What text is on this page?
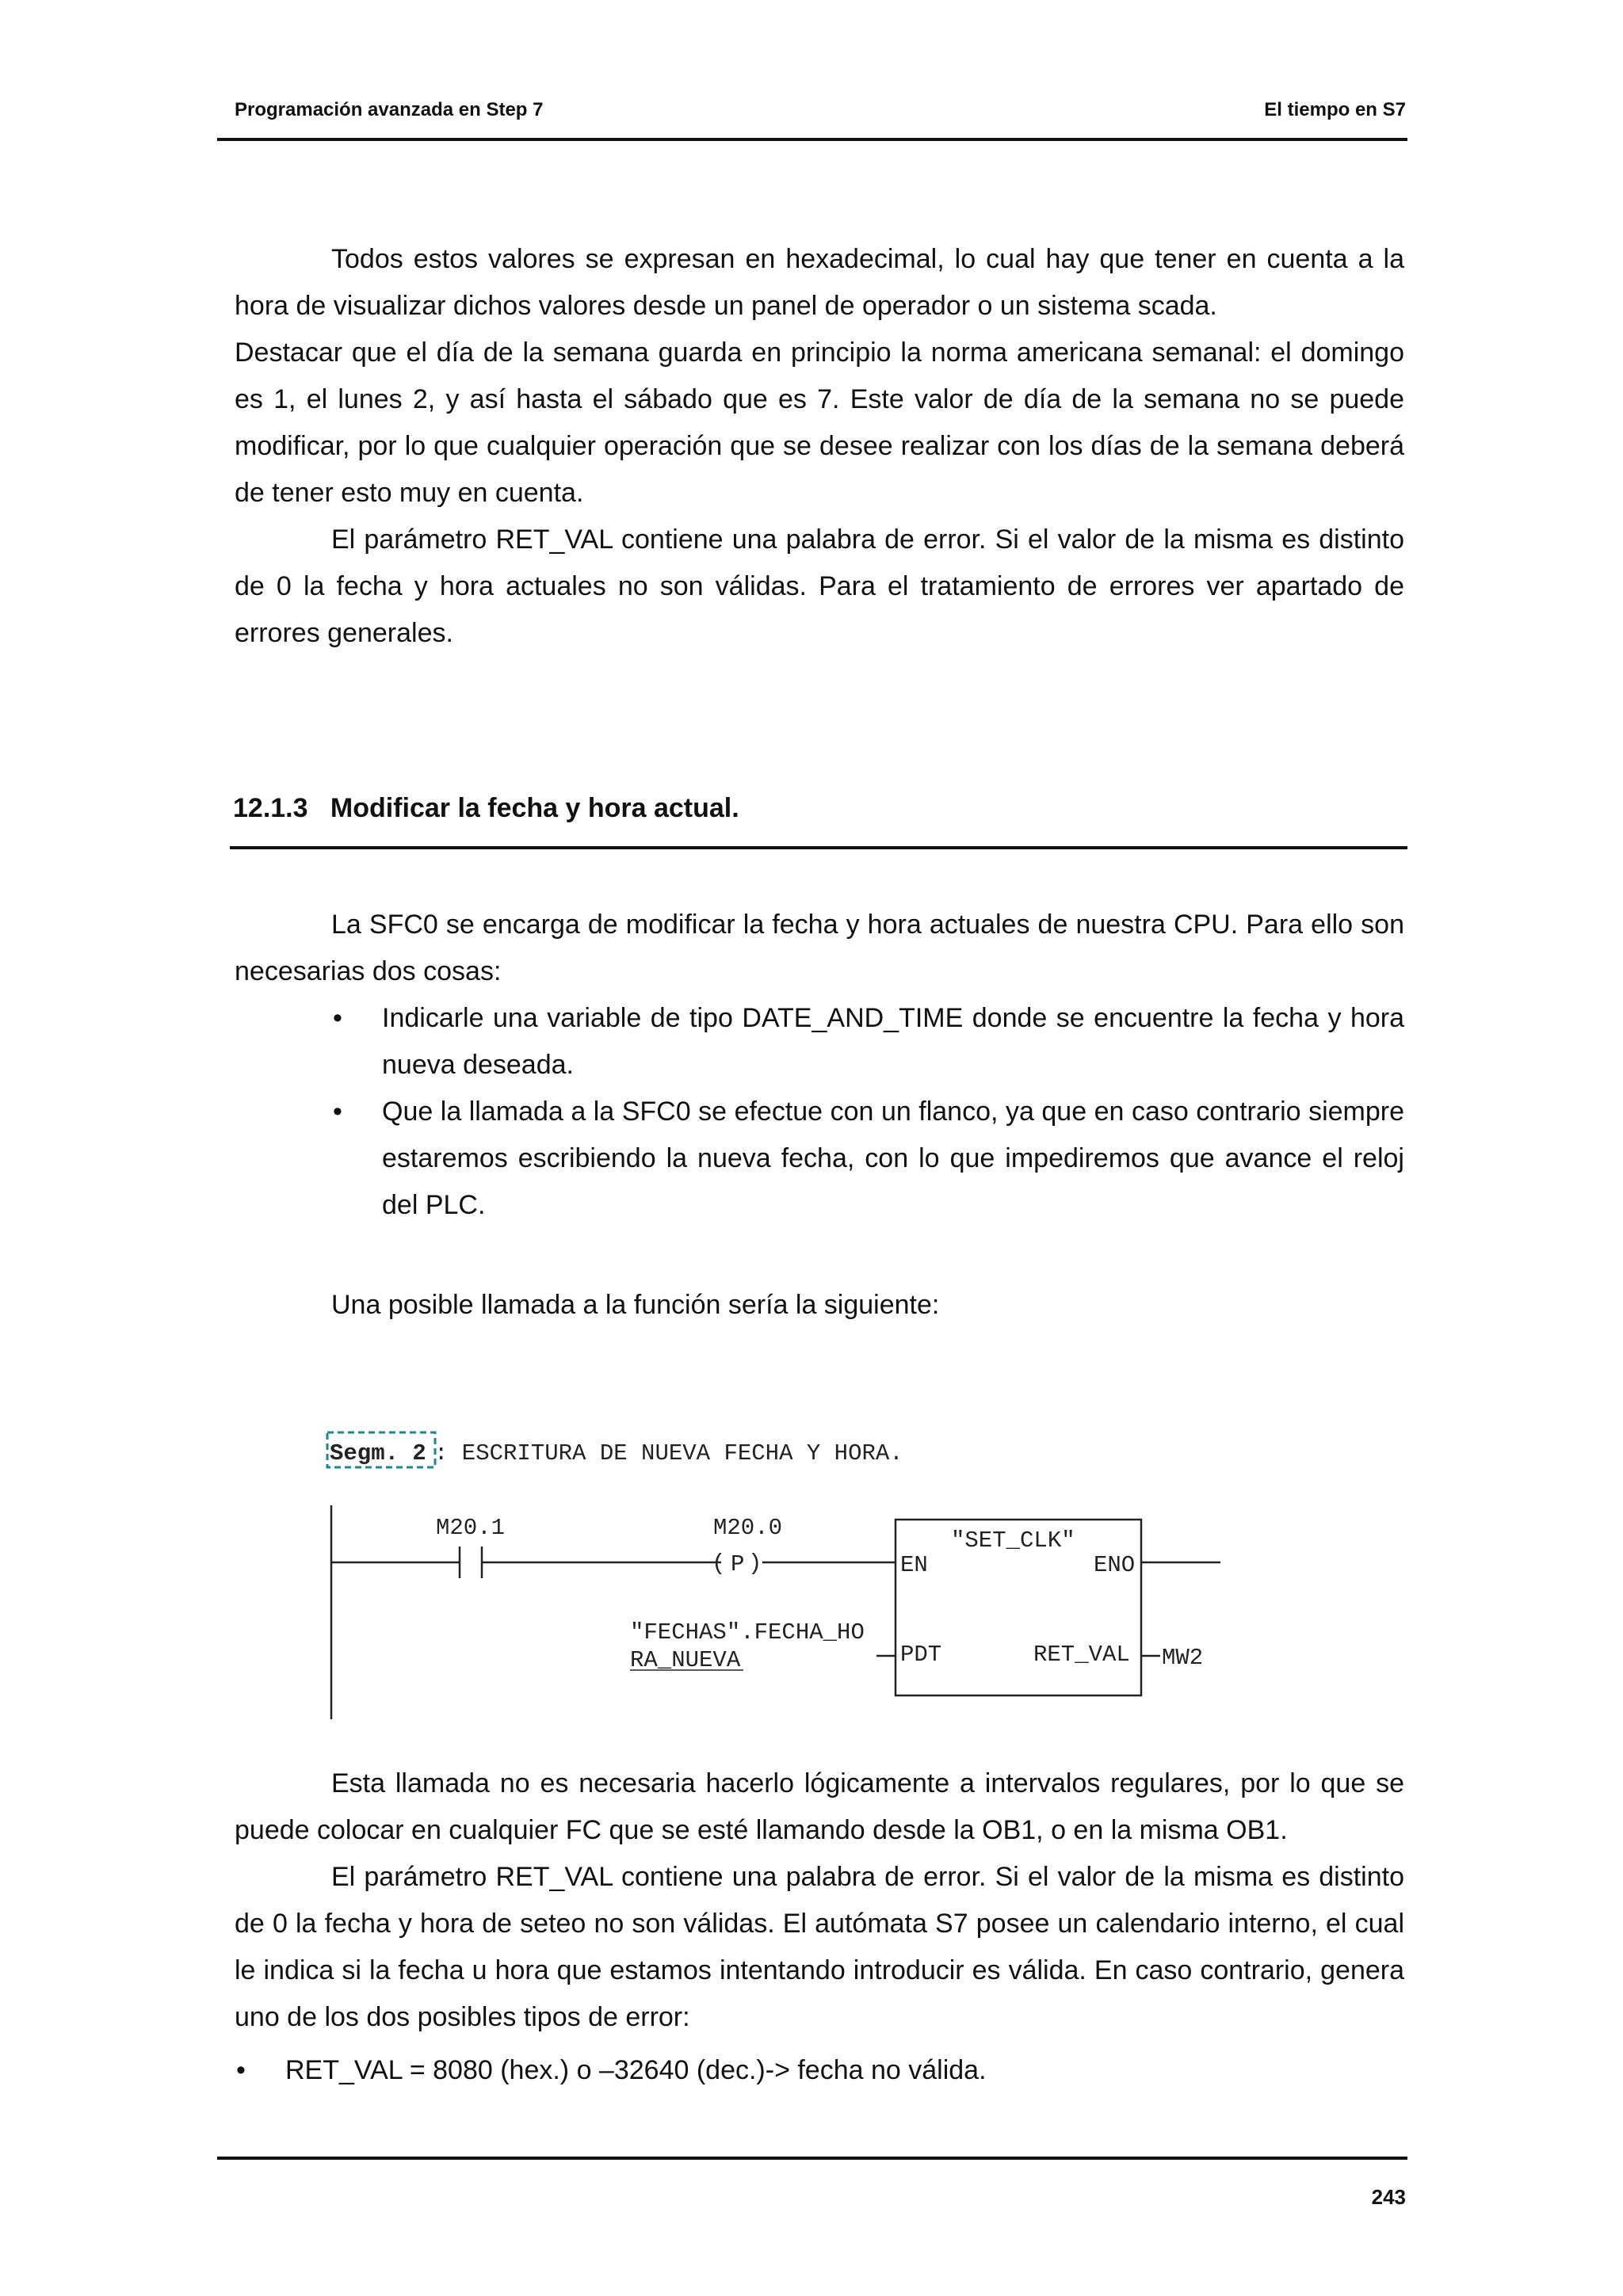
Programación avanzada en Step 7	El tiempo en S7

Todos estos valores se expresan en hexadecimal, lo cual hay que tener en cuenta a la hora de visualizar dichos valores desde un panel de operador o un sistema scada.

Destacar que el día de la semana guarda en principio la norma americana semanal: el domingo es 1, el lunes 2, y así hasta el sábado que es 7. Este valor de día de la semana no se puede modificar, por lo que cualquier operación que se desee realizar con los días de la semana deberá de tener esto muy en cuenta.

El parámetro RET_VAL contiene una palabra de error. Si el valor de la misma es distinto de 0 la fecha y hora actuales no son válidas. Para el tratamiento de errores ver apartado de errores generales.

12.1.3 Modificar la fecha y hora actual.

La SFC0 se encarga de modificar la fecha y hora actuales de nuestra CPU. Para ello son necesarias dos cosas:

• Indicarle una variable de tipo DATE_AND_TIME donde se encuentre la fecha y hora nueva deseada.

• Que la llamada a la SFC0 se efectue con un flanco, ya que en caso contrario siempre estaremos escribiendo la nueva fecha, con lo que impediremos que avance el reloj del PLC.

Una posible llamada a la función sería la siguiente:

Segm. 2 : ESCRITURA DE NUEVA FECHA Y HORA.
M20.1
( P )
M20.0	"SET_CLK"
EN	ENO
PDT	RET_VAL
"FECHAS".FECHA_HO
RA_NUEVA	MW2

Esta llamada no es necesaria hacerlo lógicamente a intervalos regulares, por lo que se puede colocar en cualquier FC que se esté llamando desde la OB1, o en la misma OB1.

El parámetro RET_VAL contiene una palabra de error. Si el valor de la misma es distinto de 0 la fecha y hora de seteo no son válidas. El autómata S7 posee un calendario interno, el cual le indica si la fecha u hora que estamos intentando introducir es válida. En caso contrario, genera uno de los dos posibles tipos de error:

• RET_VAL = 8080 (hex.) o –32640 (dec.)-> fecha no válida.
243
